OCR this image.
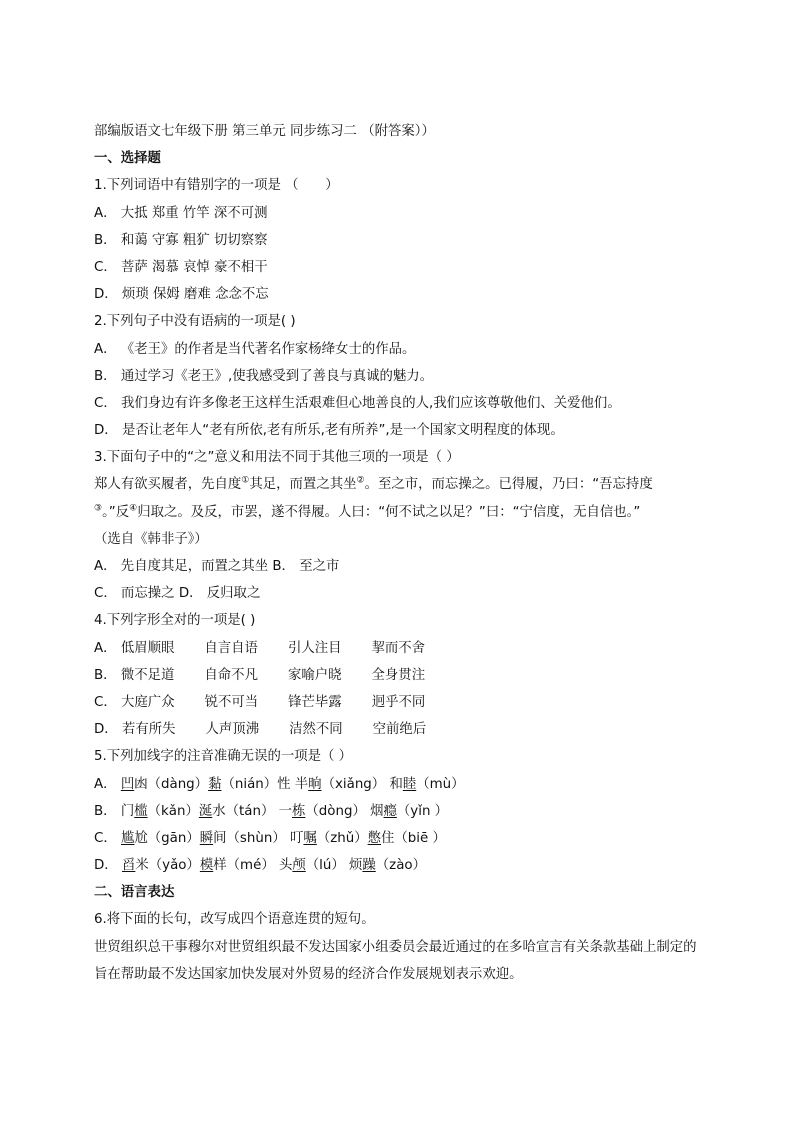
部编版语文七年级下册 第三单元 同步练习二 （附答案））
一、选择题
1.下列词语中有错别字的一项是 （　　）
A． 大抵 郑重 竹竿 深不可测
B． 和蔼 守寡 粗犷 切切察察
C． 菩萨 渴慕 哀悼 豪不相干
D． 烦琐 保姆 磨难 念念不忘
2.下列句子中没有语病的一项是( )
A． 《老王》的作者是当代著名作家杨绛女士的作品。
B． 通过学习《老王》,使我感受到了善良与真诚的魅力。
C． 我们身边有许多像老王这样生活艰难但心地善良的人,我们应该尊敬他们、关爱他们。
D． 是否让老年人“老有所依,老有所乐,老有所养”,是一个国家文明程度的体现。
3.下面句子中的“之”意义和用法不同于其他三项的一项是（ ）
郑人有欲买履者，先自度①其足，而置之其坐②。至之市，而忘操之。已得履，乃曰：“吾忘持度
③。”反④归取之。及反，市罢，遂不得履。人曰：“何不试之以足？”曰：“宁信度，无自信也。”
（选自《韩非子》）
A． 先自度其足，而置之其坐 B． 至之市
C． 而忘操之 D． 反归取之
4.下列字形全对的一项是( )
A． 低眉顺眼 自言自语 引人注目 挈而不舍
B． 微不足道 自命不凡 家喻户晓 全身贯注
C． 大庭广众 锐不可当 锋芒毕露 迥乎不同
D． 若有所失 人声顶沸 洁然不同 空前绝后
5.下列加线字的注音准确无误的一项是（ ）
A． 凹凼（dàng）黏（nián）性 半晌（xiǎng） 和睦（mù）
B． 门槛（kǎn）涎水（tán） 一栋（dòng） 烟瘾（yǐn ）
C． 尴尬（gān）瞬间（shùn） 叮嘱（zhǔ）憋住（biē ）
D． 舀米（yǎo）模样（mé） 头颅（lú） 烦躁（zào）
二、语言表达
6.将下面的长句，改写成四个语意连贯的短句。
世贸组织总干事穆尔对世贸组织最不发达国家小组委员会最近通过的在多哈宣言有关条款基础上制定的旨在帮助最不发达国家加快发展对外贸易的经济合作发展规划表示欢迎。
